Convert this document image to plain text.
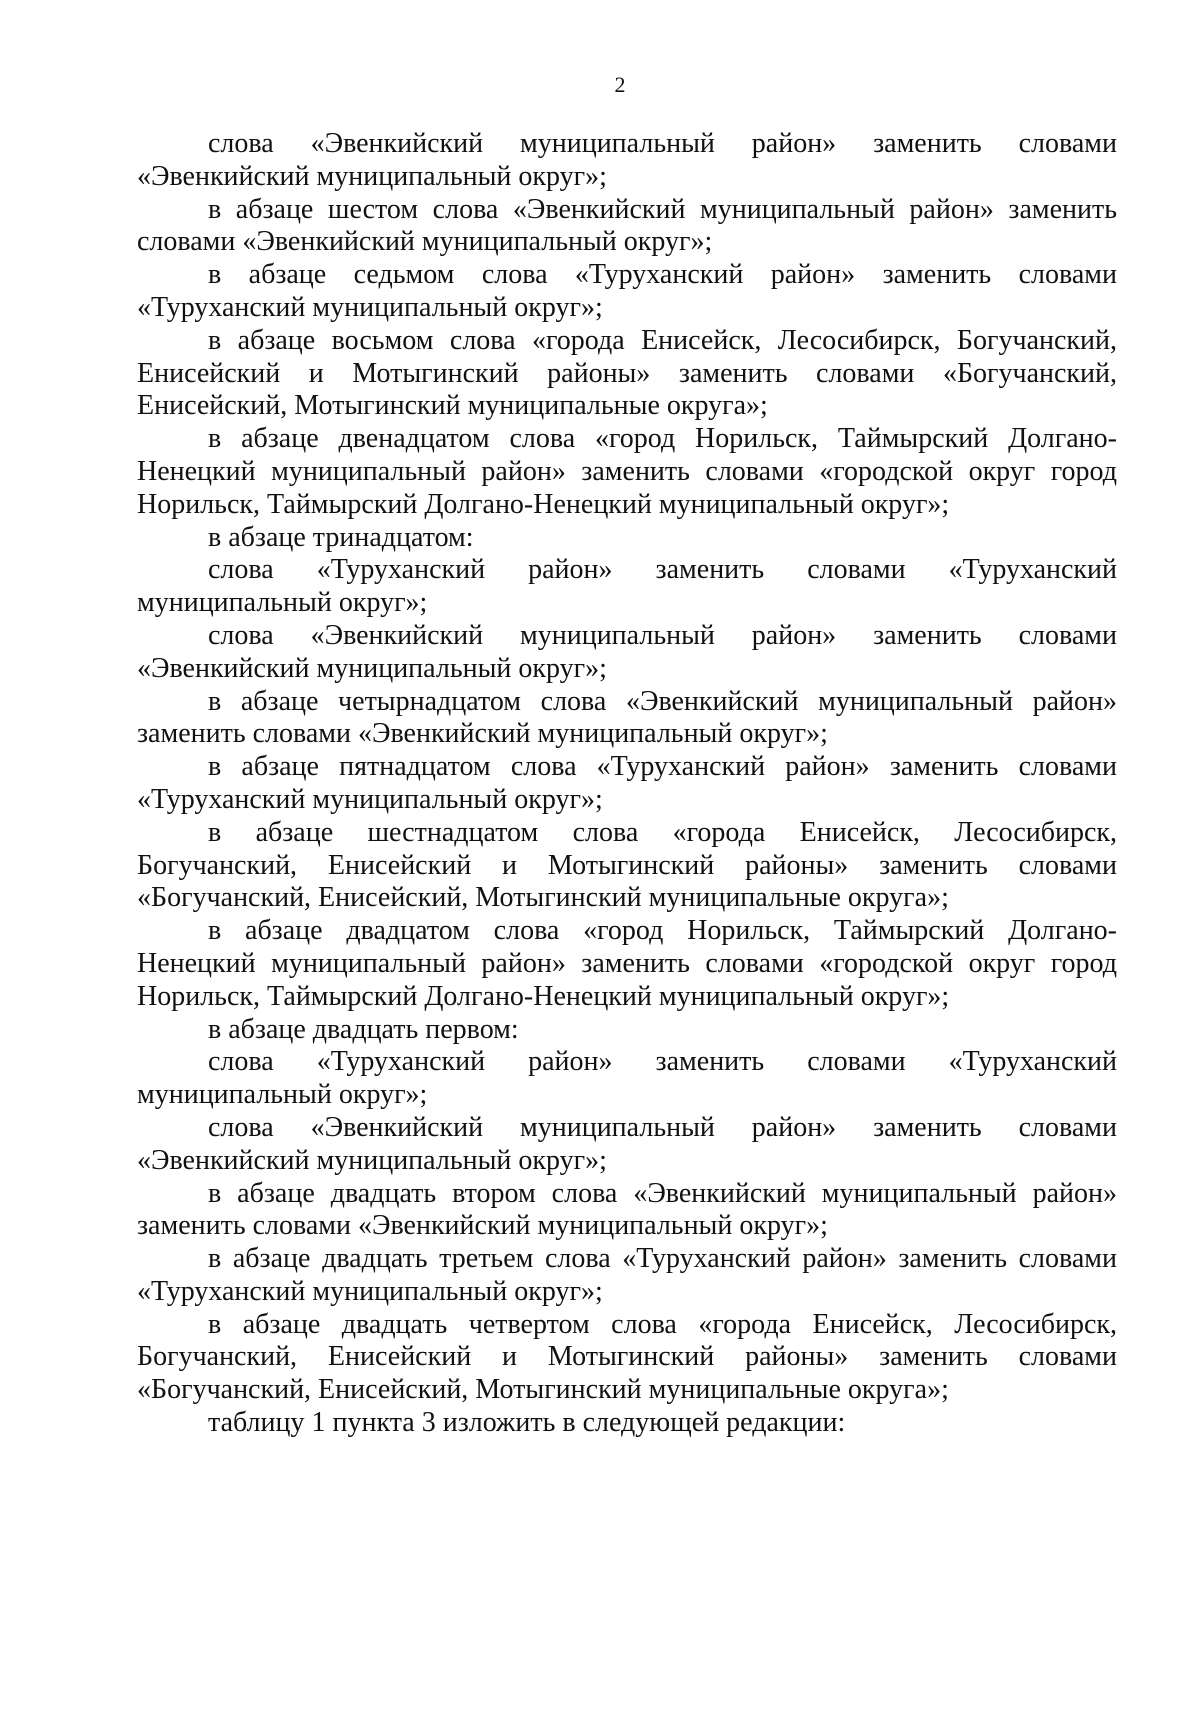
2

слова «Эвенкийский муниципальный район» заменить словами «Эвенкийский муниципальный округ»;

в абзаце шестом слова «Эвенкийский муниципальный район» заменить словами «Эвенкийский муниципальный округ»;

в абзаце седьмом слова «Туруханский район» заменить словами «Туруханский муниципальный округ»;

в абзаце восьмом слова «города Енисейск, Лесосибирск, Богучанский, Енисейский и Мотыгинский районы» заменить словами «Богучанский, Енисейский, Мотыгинский муниципальные округа»;

в абзаце двенадцатом слова «город Норильск, Таймырский Долгано-Ненецкий муниципальный район» заменить словами «городской округ город Норильск, Таймырский Долгано-Ненецкий муниципальный округ»;

в абзаце тринадцатом:

слова «Туруханский район» заменить словами «Туруханский муниципальный округ»;

слова «Эвенкийский муниципальный район» заменить словами «Эвенкийский муниципальный округ»;

в абзаце четырнадцатом слова «Эвенкийский муниципальный район» заменить словами «Эвенкийский муниципальный округ»;

в абзаце пятнадцатом слова «Туруханский район» заменить словами «Туруханский муниципальный округ»;

в абзаце шестнадцатом слова «города Енисейск, Лесосибирск, Богучанский, Енисейский и Мотыгинский районы» заменить словами «Богучанский, Енисейский, Мотыгинский муниципальные округа»;

в абзаце двадцатом слова «город Норильск, Таймырский Долгано-Ненецкий муниципальный район» заменить словами «городской округ город Норильск, Таймырский Долгано-Ненецкий муниципальный округ»;

в абзаце двадцать первом:

слова «Туруханский район» заменить словами «Туруханский муниципальный округ»;

слова «Эвенкийский муниципальный район» заменить словами «Эвенкийский муниципальный округ»;

в абзаце двадцать втором слова «Эвенкийский муниципальный район» заменить словами «Эвенкийский муниципальный округ»;

в абзаце двадцать третьем слова «Туруханский район» заменить словами «Туруханский муниципальный округ»;

в абзаце двадцать четвертом слова «города Енисейск, Лесосибирск, Богучанский, Енисейский и Мотыгинский районы» заменить словами «Богучанский, Енисейский, Мотыгинский муниципальные округа»;

таблицу 1 пункта 3 изложить в следующей редакции:
